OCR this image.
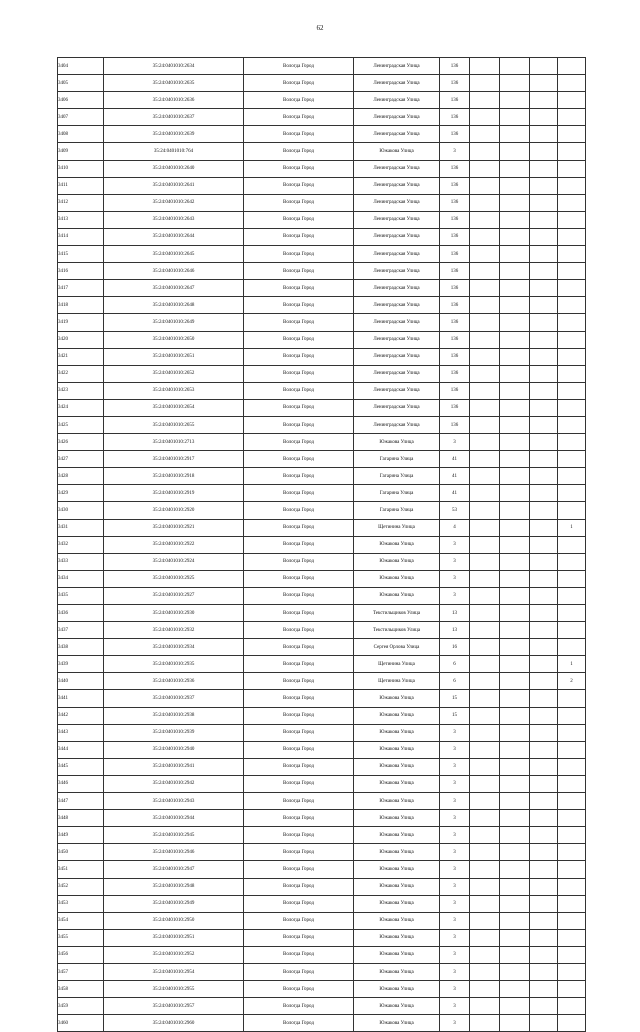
62
3404	35:24:0401010:2634	Вологда Город	Ленинградская Улица	136				
3405	35:24:0401010:2635	Вологда Город	Ленинградская Улица	136				
3406	35:24:0401010:2636	Вологда Город	Ленинградская Улица	136				
3407	35:24:0401010:2637	Вологда Город	Ленинградская Улица	136				
3408	35:24:0401010:2639	Вологда Город	Ленинградская Улица	136				
3409	35:24:0401010:764	Вологда Город	Южакова Улица	3				
3410	35:24:0401010:2640	Вологда Город	Ленинградская Улица	136				
3411	35:24:0401010:2641	Вологда Город	Ленинградская Улица	136				
3412	35:24:0401010:2642	Вологда Город	Ленинградская Улица	136				
3413	35:24:0401010:2643	Вологда Город	Ленинградская Улица	136				
3414	35:24:0401010:2644	Вологда Город	Ленинградская Улица	136				
3415	35:24:0401010:2645	Вологда Город	Ленинградская Улица	136				
3416	35:24:0401010:2646	Вологда Город	Ленинградская Улица	136				
3417	35:24:0401010:2647	Вологда Город	Ленинградская Улица	136				
3418	35:24:0401010:2648	Вологда Город	Ленинградская Улица	136				
3419	35:24:0401010:2649	Вологда Город	Ленинградская Улица	136				
3420	35:24:0401010:2650	Вологда Город	Ленинградская Улица	136				
3421	35:24:0401010:2651	Вологда Город	Ленинградская Улица	136				
3422	35:24:0401010:2652	Вологда Город	Ленинградская Улица	136				
3423	35:24:0401010:2653	Вологда Город	Ленинградская Улица	136				
3424	35:24:0401010:2654	Вологда Город	Ленинградская Улица	136				
3425	35:24:0401010:2655	Вологда Город	Ленинградская Улица	136				
3426	35:24:0401010:2713	Вологда Город	Южакова Улица	3				
3427	35:24:0401010:2917	Вологда Город	Гагарина Улица	41				
3428	35:24:0401010:2918	Вологда Город	Гагарина Улица	41				
3429	35:24:0401010:2919	Вологда Город	Гагарина Улица	41				
3430	35:24:0401010:2920	Вологда Город	Гагарина Улица	53				
3431	35:24:0401010:2921	Вологда Город	Щетинина Улица	4				1
3432	35:24:0401010:2922	Вологда Город	Южакова Улица	3				
3433	35:24:0401010:2924	Вологда Город	Южакова Улица	3				
3434	35:24:0401010:2925	Вологда Город	Южакова Улица	3				
3435	35:24:0401010:2927	Вологда Город	Южакова Улица	3				
3436	35:24:0401010:2930	Вологда Город	Текстильщиков Улица	13				
3437	35:24:0401010:2932	Вологда Город	Текстильщиков Улица	13				
3438	35:24:0401010:2934	Вологда Город	Сергея Орлова Улица	16				
3439	35:24:0401010:2935	Вологда Город	Щетинина Улица	6				1
3440	35:24:0401010:2936	Вологда Город	Щетинина Улица	6				2
3441	35:24:0401010:2937	Вологда Город	Южакова Улица	15				
3442	35:24:0401010:2938	Вологда Город	Южакова Улица	15				
3443	35:24:0401010:2939	Вологда Город	Южакова Улица	3				
3444	35:24:0401010:2940	Вологда Город	Южакова Улица	3				
3445	35:24:0401010:2941	Вологда Город	Южакова Улица	3				
3446	35:24:0401010:2942	Вологда Город	Южакова Улица	3				
3447	35:24:0401010:2943	Вологда Город	Южакова Улица	3				
3448	35:24:0401010:2944	Вологда Город	Южакова Улица	3				
3449	35:24:0401010:2945	Вологда Город	Южакова Улица	3				
3450	35:24:0401010:2946	Вологда Город	Южакова Улица	3				
3451	35:24:0401010:2947	Вологда Город	Южакова Улица	3				
3452	35:24:0401010:2948	Вологда Город	Южакова Улица	3				
3453	35:24:0401010:2949	Вологда Город	Южакова Улица	3				
3454	35:24:0401010:2950	Вологда Город	Южакова Улица	3				
3455	35:24:0401010:2951	Вологда Город	Южакова Улица	3				
3456	35:24:0401010:2952	Вологда Город	Южакова Улица	3				
3457	35:24:0401010:2954	Вологда Город	Южакова Улица	3				
3458	35:24:0401010:2955	Вологда Город	Южакова Улица	3				
3459	35:24:0401010:2957	Вологда Город	Южакова Улица	3				
3460	35:24:0401010:2960	Вологда Город	Южакова Улица	3				
